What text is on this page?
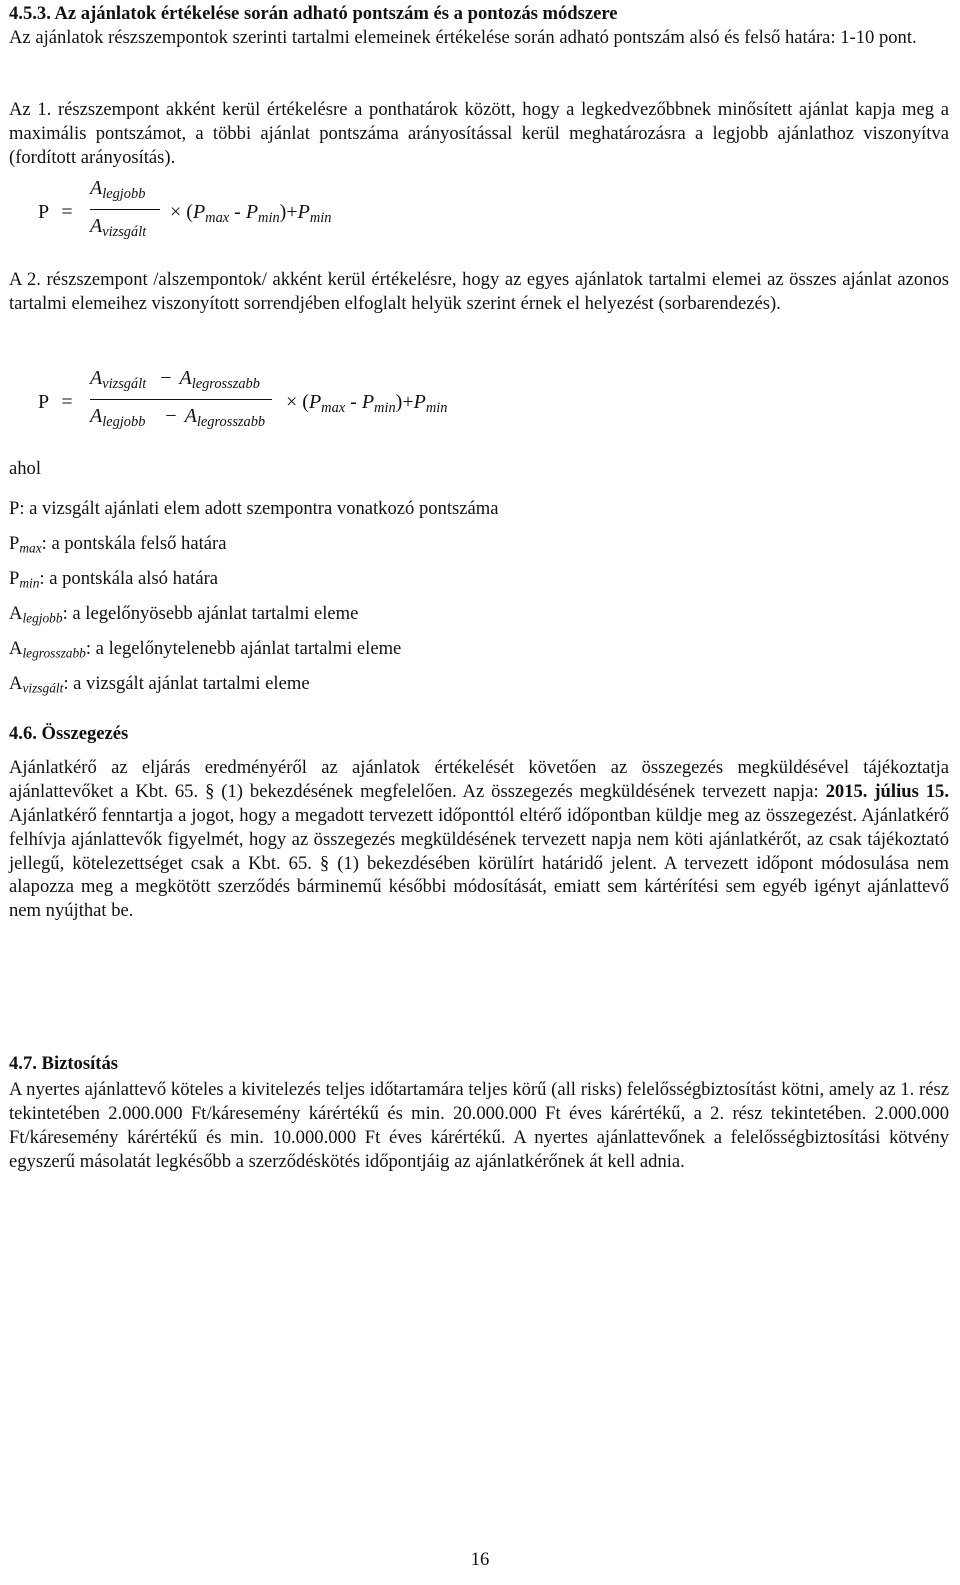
4.5.3. Az ajánlatok értékelése során adható pontszám és a pontozás módszere

Az ajánlatok részszempontok szerinti tartalmi elemeinek értékelése során adható pontszám alsó és felső határa: 1-10 pont.

Az 1. részszempont akként kerül értékelésre a ponthatárok között, hogy a legkedvezőbbnek minősített ajánlat kapja meg a maximális pontszámot, a többi ajánlat pontszáma arányosítással kerül meghatározásra a legjobb ajánlathoz viszonyítva (fordított arányosítás).

P =
$A_{legjobb}$
$A_{vizsgált}$
× $(P_{max} - P_{min})+P_{min}$

A 2. részszempont /alszempontok/ akként kerül értékelésre, hogy az egyes ajánlatok tartalmi elemei az összes ajánlat azonos tartalmi elemeihez viszonyított sorrendjében elfoglalt helyük szerint érnek el helyezést (sorbarendezés).

P =
$A_{vizsgált} - A_{legrosszabb}$
$A_{legjobb} - A_{legrosszabb}$
× $(P_{max} - P_{min})+P_{min}$

ahol

P: a vizsgált ajánlati elem adott szempontra vonatkozó pontszáma
$P_{max}$: a pontskála felső határa
$P_{min}$: a pontskála alsó határa
$A_{legjobb}$: a legelőnyösebb ajánlat tartalmi eleme
$A_{legrosszabb}$: a legelőnytelenebb ajánlat tartalmi eleme
$A_{vizsgált}$: a vizsgált ajánlat tartalmi eleme
4.6. Összegezés

Ajánlatkérő az eljárás eredményéről az ajánlatok értékelését követően az összegezés megküldésével tájékoztatja ajánlattevőket a Kbt. 65. § (1) bekezdésének megfelelően. Az összegezés megküldésének tervezett napja: 2015. július 15. Ajánlatkérő fenntartja a jogot, hogy a megadott tervezett időponttól eltérő időpontban küldje meg az összegezést. Ajánlatkérő felhívja ajánlattevők figyelmét, hogy az összegezés megküldésének tervezett napja nem köti ajánlatkérőt, az csak tájékoztató jellegű, kötelezettséget csak a Kbt. 65. § (1) bekezdésében körülírt határidő jelent. A tervezett időpont módosulása nem alapozza meg a megkötött szerződés bárminemű későbbi módosítását, emiatt sem kártérítési sem egyéb igényt ajánlattevő nem nyújthat be.

4.7. Biztosítás

A nyertes ajánlattevő köteles a kivitelezés teljes időtartamára teljes körű (all risks) felelősségbiztosítást kötni, amely az 1. rész tekintetében 2.000.000 Ft/káresemény kárértékű és min. 20.000.000 Ft éves kárértékű, a 2. rész tekintetében. 2.000.000 Ft/káresemény kárértékű és min. 10.000.000 Ft éves kárértékű. A nyertes ajánlattevőnek a felelősségbiztosítási kötvény egyszerű másolatát legkésőbb a szerződéskötés időpontjáig az ajánlatkérőnek át kell adnia.

16
